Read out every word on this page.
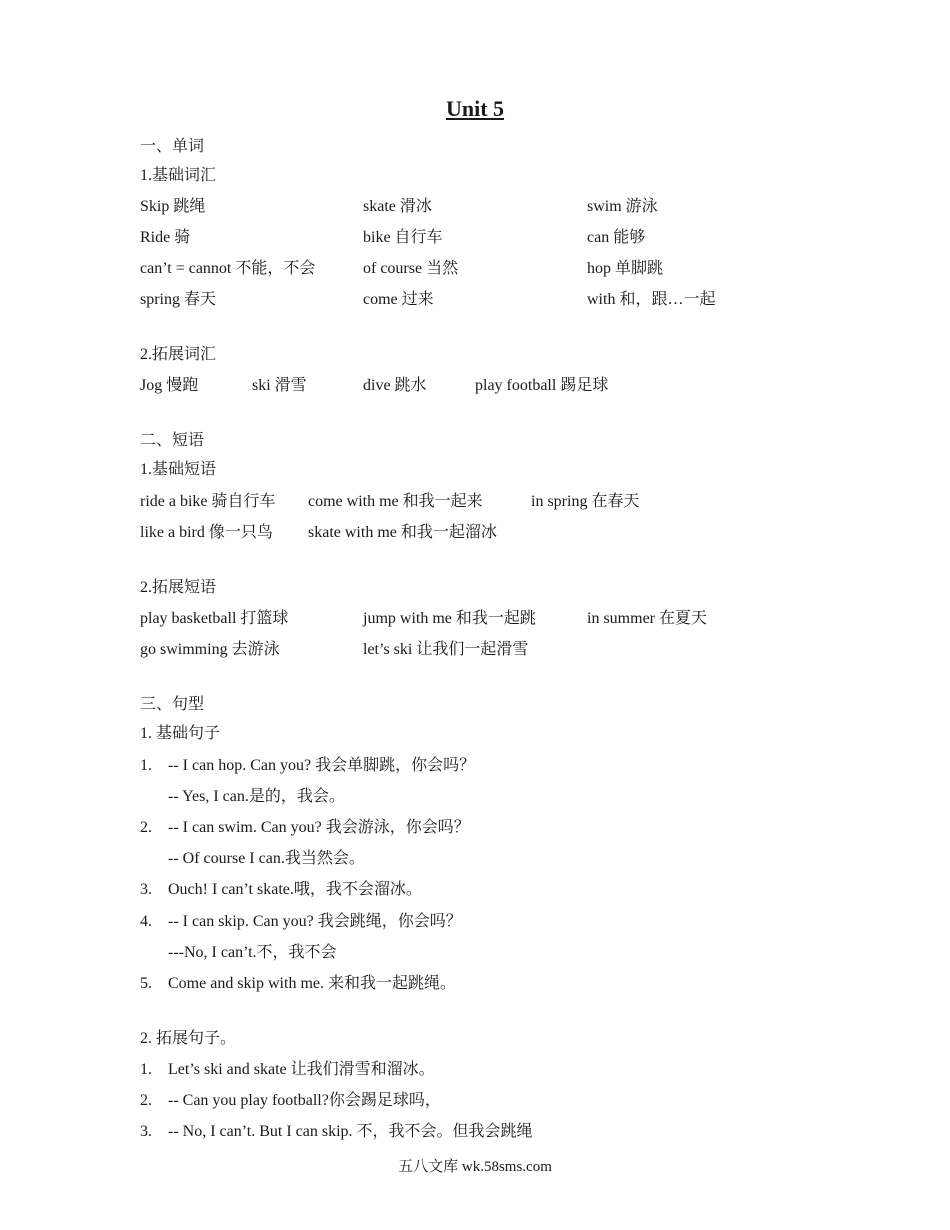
Unit 5
一、单词
1.基础词汇
Skip 跳绳	skate 滑冰	swim 游泳
Ride 骑	bike 自行车	can 能够
can’t = cannot 不能，不会	of course 当然	hop 单脚跳
spring 春天	come 过来	with 和，跟…一起
2.拓展词汇
Jog 慢跑	ski 滑雪	dive 跳水	play football 踢足球
二、短语
1.基础短语
ride a bike 骑自行车 come with me 和我一起来	in spring 在春天
like a bird 像一只鸟 skate with me 和我一起溜冰
2.拓展短语
play basketball 打篮球	jump with me 和我一起跳	in summer 在夏天
go swimming 去游泳	let’s ski 让我们一起滑雪
三、句型
1. 基础句子
1. -- I can hop. Can you? 我会单脚跳，你会吗？
-- Yes, I can.是的，我会。
2. -- I can swim. Can you? 我会游泳，你会吗？
-- Of course I can.我当然会。
3. Ouch! I can’t skate.哦，我不会溜冰。
4. -- I can skip. Can you? 我会跳绳，你会吗？
---No, I can’t.不，我不会
5. Come and skip with me. 来和我一起跳绳。
2. 拓展句子。
1. Let’s ski and skate 让我们滑雪和溜冰。
2. -- Can you play football?你会踢足球吗，
3. -- No, I can’t. But I can skip. 不，我不会。但我会跳绳
五八文库 wk.58sms.com
